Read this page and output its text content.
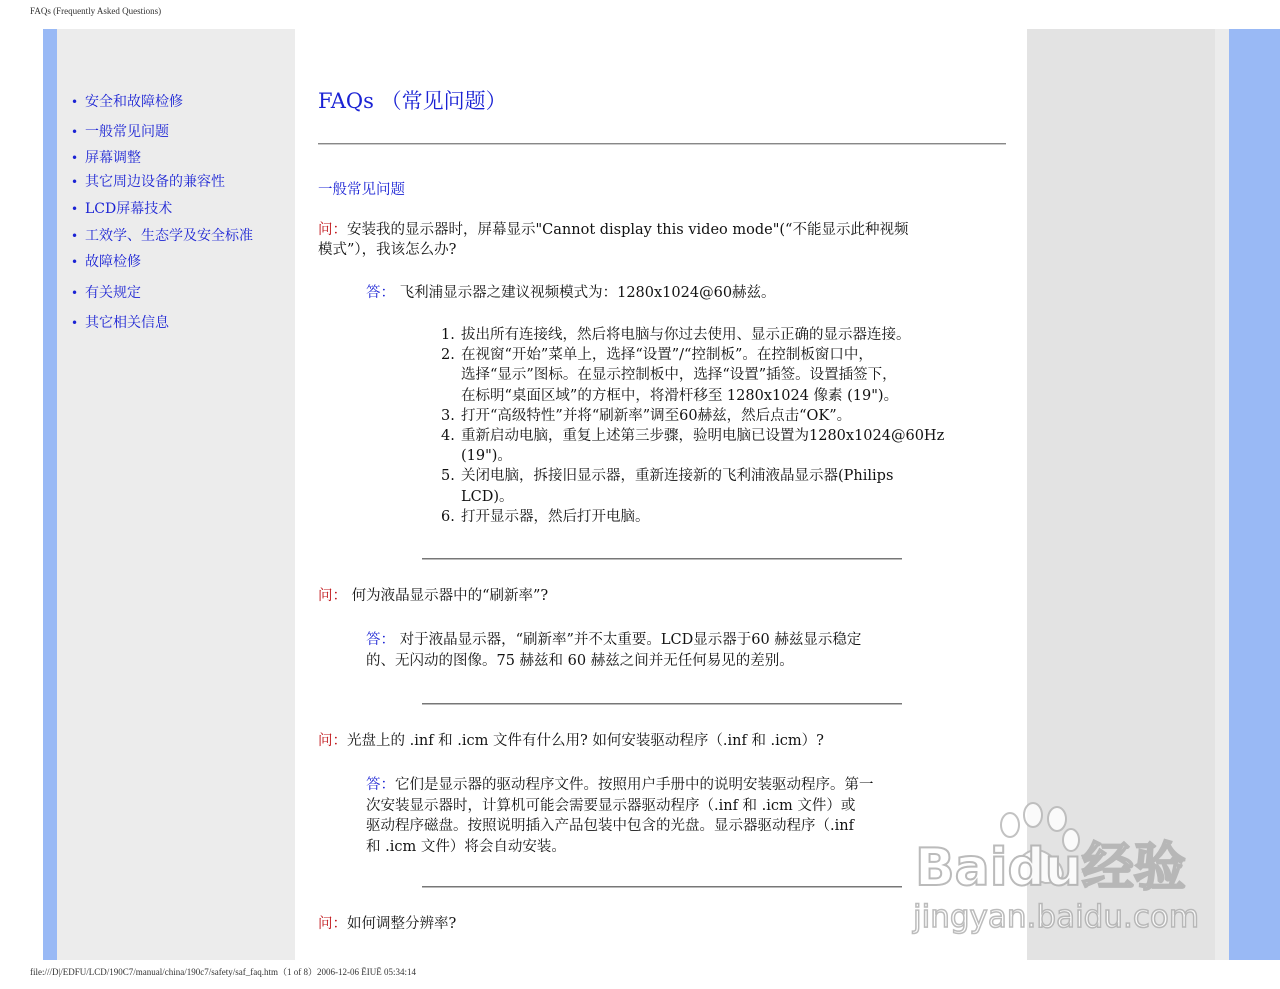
FAQs (Frequently Asked Questions)
• 安全和故障检修
• 一般常见问题
• 屏幕调整
• 其它周边设备的兼容性
• LCD屏幕技术
• 工效学、生态学及安全标准
• 故障检修
• 有关规定
• 其它相关信息
FAQs （常见问题）
一般常见问题
问：安装我的显示器时，屏幕显示"Cannot display this video mode"(“不能显示此种视频
模式”），我该怎么办?
答： 飞利浦显示器之建议视频模式为：1280x1024@60赫兹。
1. 拔出所有连接线，然后将电脑与你过去使用、显示正确的显示器连接。
2. 在视窗“开始”菜单上，选择“设置”/“控制板”。在控制板窗口中，
选择“显示”图标。在显示控制板中，选择“设置”插签。设置插签下，
在标明“桌面区域”的方框中，将滑杆移至 1280x1024 像素 (19")。
3. 打开“高级特性”并将“刷新率”调至60赫兹，然后点击“OK”。
4. 重新启动电脑，重复上述第三步骤，验明电脑已设置为1280x1024@60Hz
(19")。
5. 关闭电脑，拆接旧显示器，重新连接新的飞利浦液晶显示器(Philips
LCD)。
6. 打开显示器，然后打开电脑。
问： 何为液晶显示器中的“刷新率”?
答： 对于液晶显示器，“刷新率”并不太重要。LCD显示器于60 赫兹显示稳定
的、无闪动的图像。75 赫兹和 60 赫兹之间并无任何易见的差别。
问：光盘上的 .inf 和 .icm 文件有什么用? 如何安装驱动程序（.inf 和 .icm）?
答：它们是显示器的驱动程序文件。按照用户手册中的说明安装驱动程序。第一
次安装显示器时，计算机可能会需要显示器驱动程序（.inf 和 .icm 文件）或
驱动程序磁盘。按照说明插入产品包装中包含的光盘。显示器驱动程序（.inf
和 .icm 文件）将会自动安装。
问：如何调整分辨率?
Baidu经验
jingyan.baidu.com
file:///D|/EDFU/LCD/190C7/manual/china/190c7/safety/saf_faq.htm（1 of 8）2006-12-06 ĒIUĒ 05:34:14
